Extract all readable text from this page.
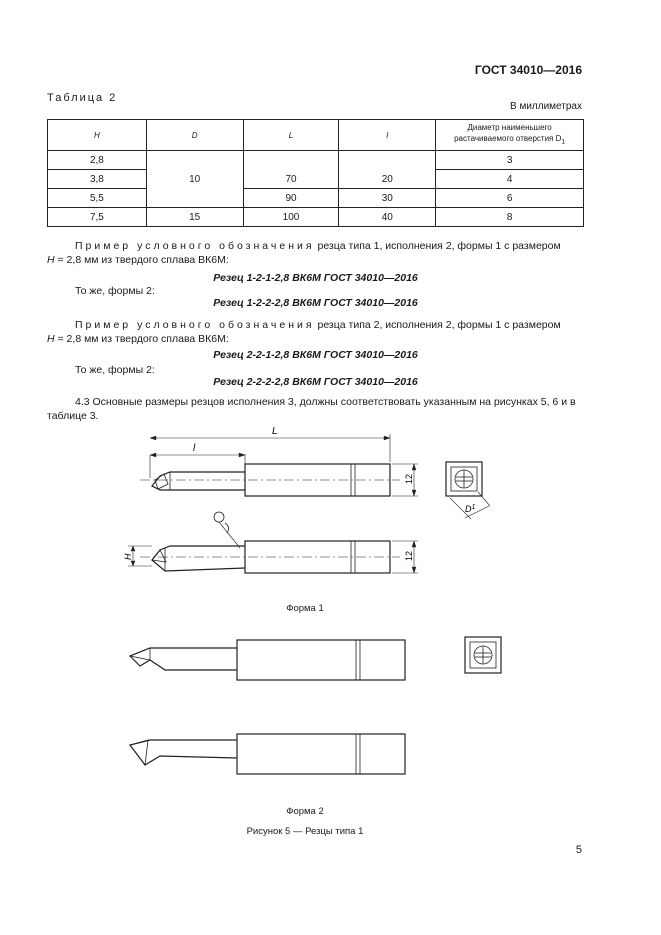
ГОСТ 34010—2016
Таблица 2
В миллиметрах
H	D	L	l	Диаметр наименьшего
растачиваемого отверстия $D_1$
2,8	10	70	20	3
3,8				4
5,5		90	30	6
7,5	15	100	40	8
Пример условного обозначения резца типа 1, исполнения 2, формы 1 с размером
H = 2,8 мм из твердого сплава ВК6М:
Резец 1-2-1-2,8 ВК6М ГОСТ 34010—2016
То же, формы 2:
Резец 1-2-2-2,8 ВК6М ГОСТ 34010—2016
Пример условного обозначения резца типа 2, исполнения 2, формы 1 с размером
H = 2,8 мм из твердого сплава ВК6М:
Резец 2-2-1-2,8 ВК6М ГОСТ 34010—2016
То же, формы 2:
Резец 2-2-2-2,8 ВК6М ГОСТ 34010—2016
4.3 Основные размеры резцов исполнения 3, должны соответствовать указанным на рисунках 5, 6 и в таблице 3.
L
l
12
12
H
$D^1$
Форма 1
Форма 2
Рисунок 5 — Резцы типа 1
5
